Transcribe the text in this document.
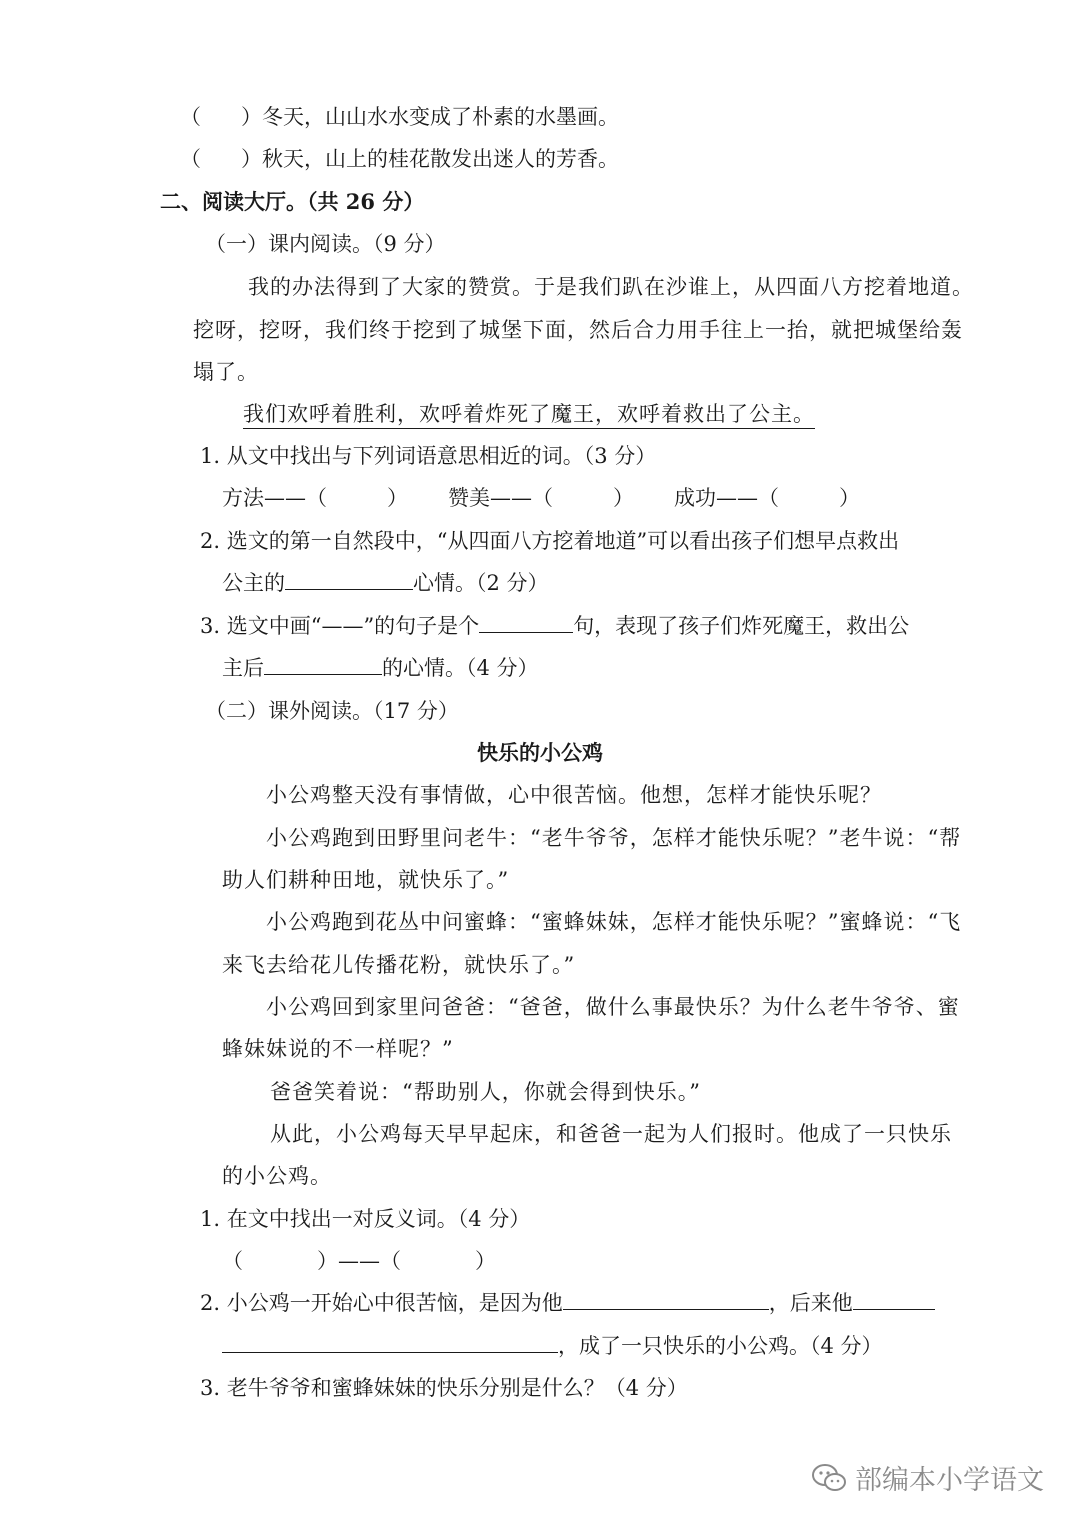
（ ）冬天，山山水水变成了朴素的水墨画。
（ ）秋天，山上的桂花散发出迷人的芳香。
二、阅读大厅。（共 26 分）
（一）课内阅读。（9 分）
我的办法得到了大家的赞赏。于是我们趴在沙谁上，从四面八方挖着地道。
挖呀，挖呀，我们终于挖到了城堡下面，然后合力用手往上一抬，就把城堡给轰
塌了。
我们欢呼着胜利，欢呼着炸死了魔王，欢呼着救出了公主。
1. 从文中找出与下列词语意思相近的词。（3 分）
方法——（	） 赞美——（	） 成功——（	）
2. 选文的第一自然段中，“从四面八方挖着地道”可以看出孩子们想早点救出
公主的	心情。（2 分）
3. 选文中画“——”的句子是个	句，表现了孩子们炸死魔王，救出公
主后	的心情。（4 分）
（二）课外阅读。（17 分）
快乐的小公鸡
小公鸡整天没有事情做，心中很苦恼。他想，怎样才能快乐呢？
小公鸡跑到田野里问老牛：“老牛爷爷，怎样才能快乐呢？”老牛说：“帮
助人们耕种田地，就快乐了。”
小公鸡跑到花丛中问蜜蜂：“蜜蜂妹妹，怎样才能快乐呢？”蜜蜂说：“飞
来飞去给花儿传播花粉，就快乐了。”
小公鸡回到家里问爸爸：“爸爸，做什么事最快乐？为什么老牛爷爷、蜜
蜂妹妹说的不一样呢？”
爸爸笑着说：“帮助别人，你就会得到快乐。”
从此，小公鸡每天早早起床，和爸爸一起为人们报时。他成了一只快乐
的小公鸡。
1. 在文中找出一对反义词。（4 分）
（	）——（	）
2. 小公鸡一开始心中很苦恼，是因为他	，后来他
，成了一只快乐的小公鸡。（4 分）
3. 老牛爷爷和蜜蜂妹妹的快乐分别是什么？（4 分）
部编本小学语文
